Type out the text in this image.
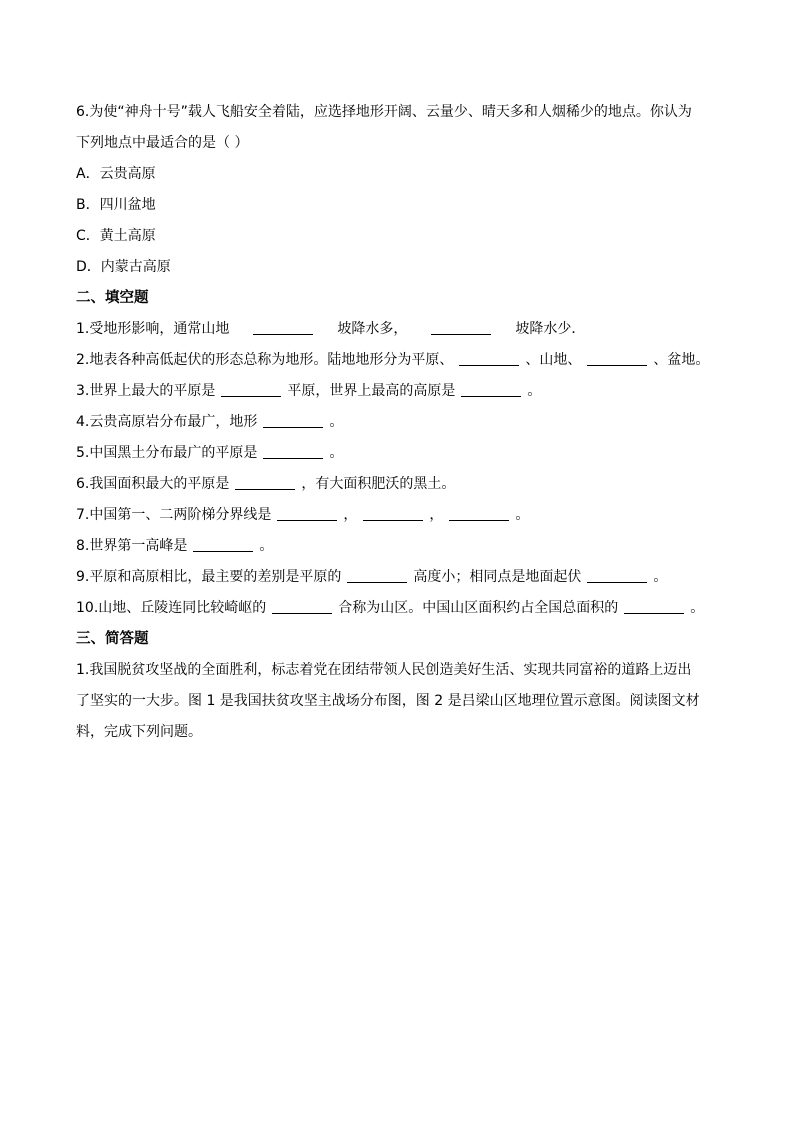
6.为使“神舟十号”载人飞船安全着陆，应选择地形开阔、云量少、晴天多和人烟稀少的地点。你认为
下列地点中最适合的是（ ）
A．云贵高原
B．四川盆地
C．黄土高原
D．内蒙古高原
二、填空题
1.受地形影响，通常山地	坡降水多，	坡降水少．
2.地表各种高低起伏的形态总称为地形。陆地地形分为平原、	、山地、	、盆地。
3.世界上最大的平原是	平原，世界上最高的高原是	。
4.云贵高原岩分布最广，地形	。
5.中国黑土分布最广的平原是	。
6.我国面积最大的平原是	，有大面积肥沃的黑土。
7.中国第一、二两阶梯分界线是	，	，	。
8.世界第一高峰是	。
9.平原和高原相比，最主要的差别是平原的	高度小；相同点是地面起伏	。
10.山地、丘陵连同比较崎岖的	合称为山区。中国山区面积约占全国总面积的	。
三、简答题
1.我国脱贫攻坚战的全面胜利，标志着党在团结带领人民创造美好生活、实现共同富裕的道路上迈出
了坚实的一大步。图 1 是我国扶贫攻坚主战场分布图，图 2 是吕梁山区地理位置示意图。阅读图文材
料，完成下列问题。
